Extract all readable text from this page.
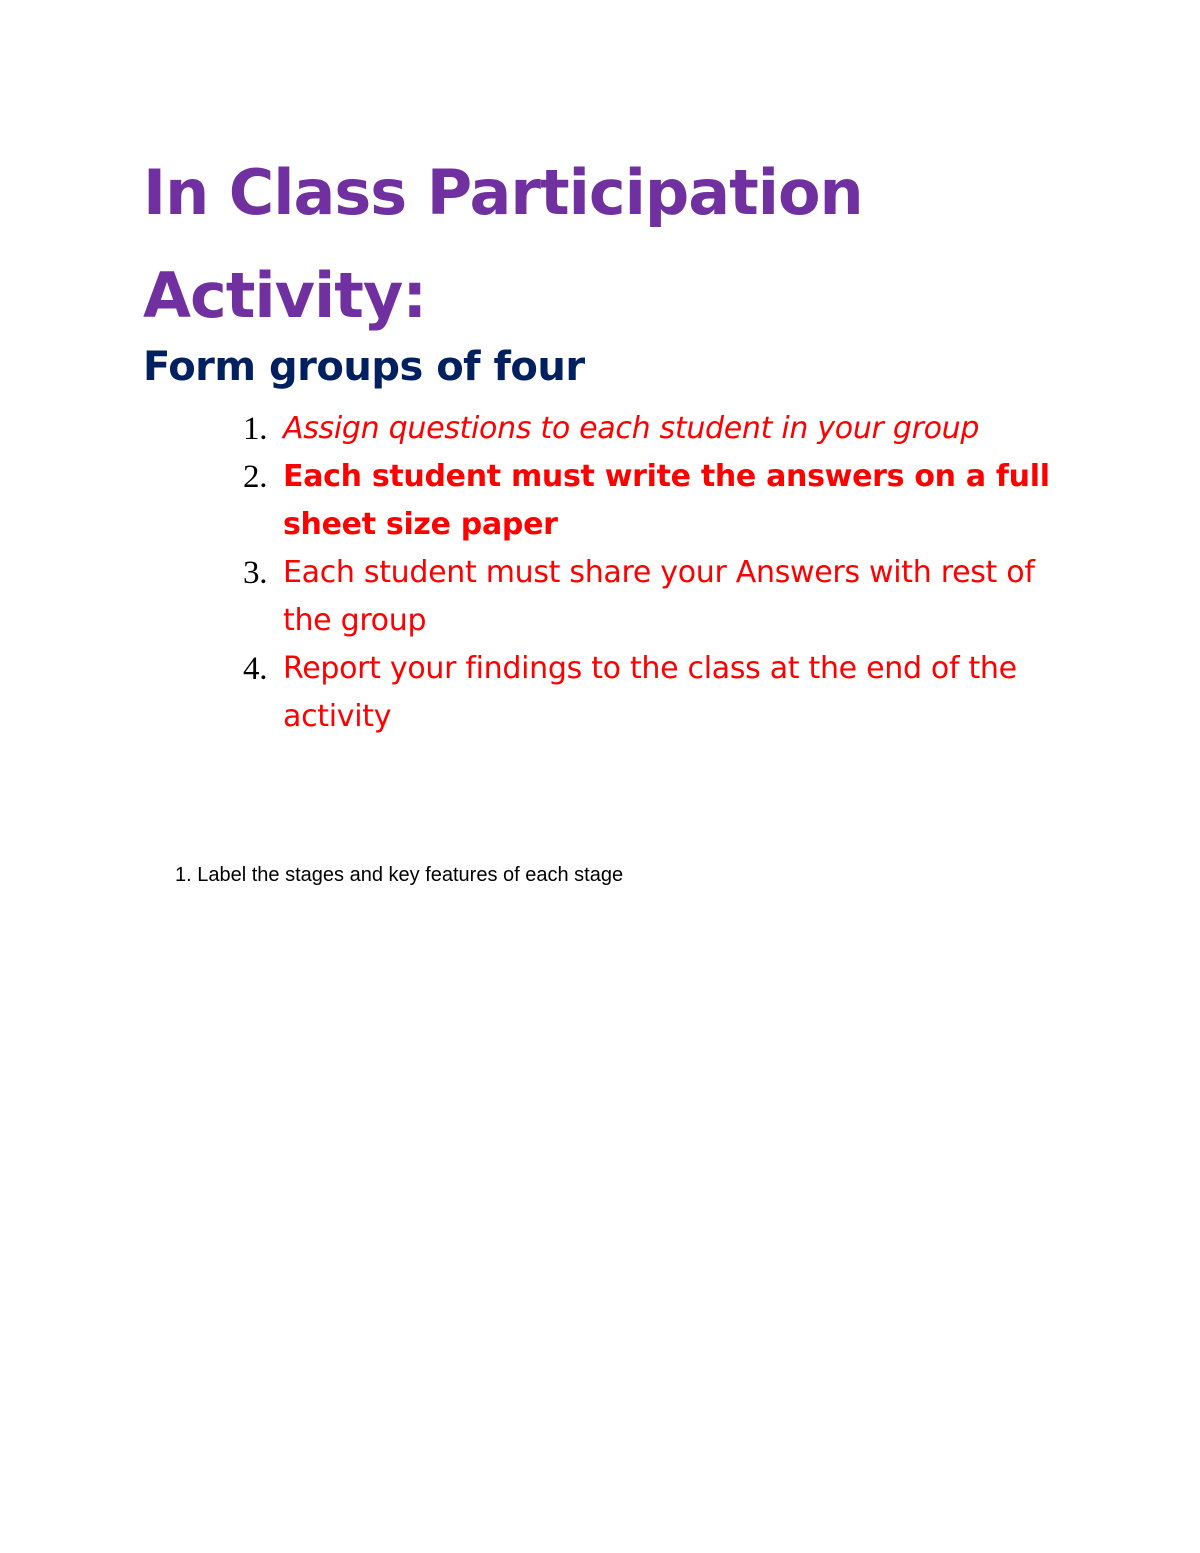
In Class Participation
Activity:
Form groups of four
1. Assign questions to each student in your group
2. Each student must write the answers on a full sheet size paper
3. Each student must share your Answers with rest of the group
4. Report your findings to the class at the end of the activity

1. Label the stages and key features of each stage
